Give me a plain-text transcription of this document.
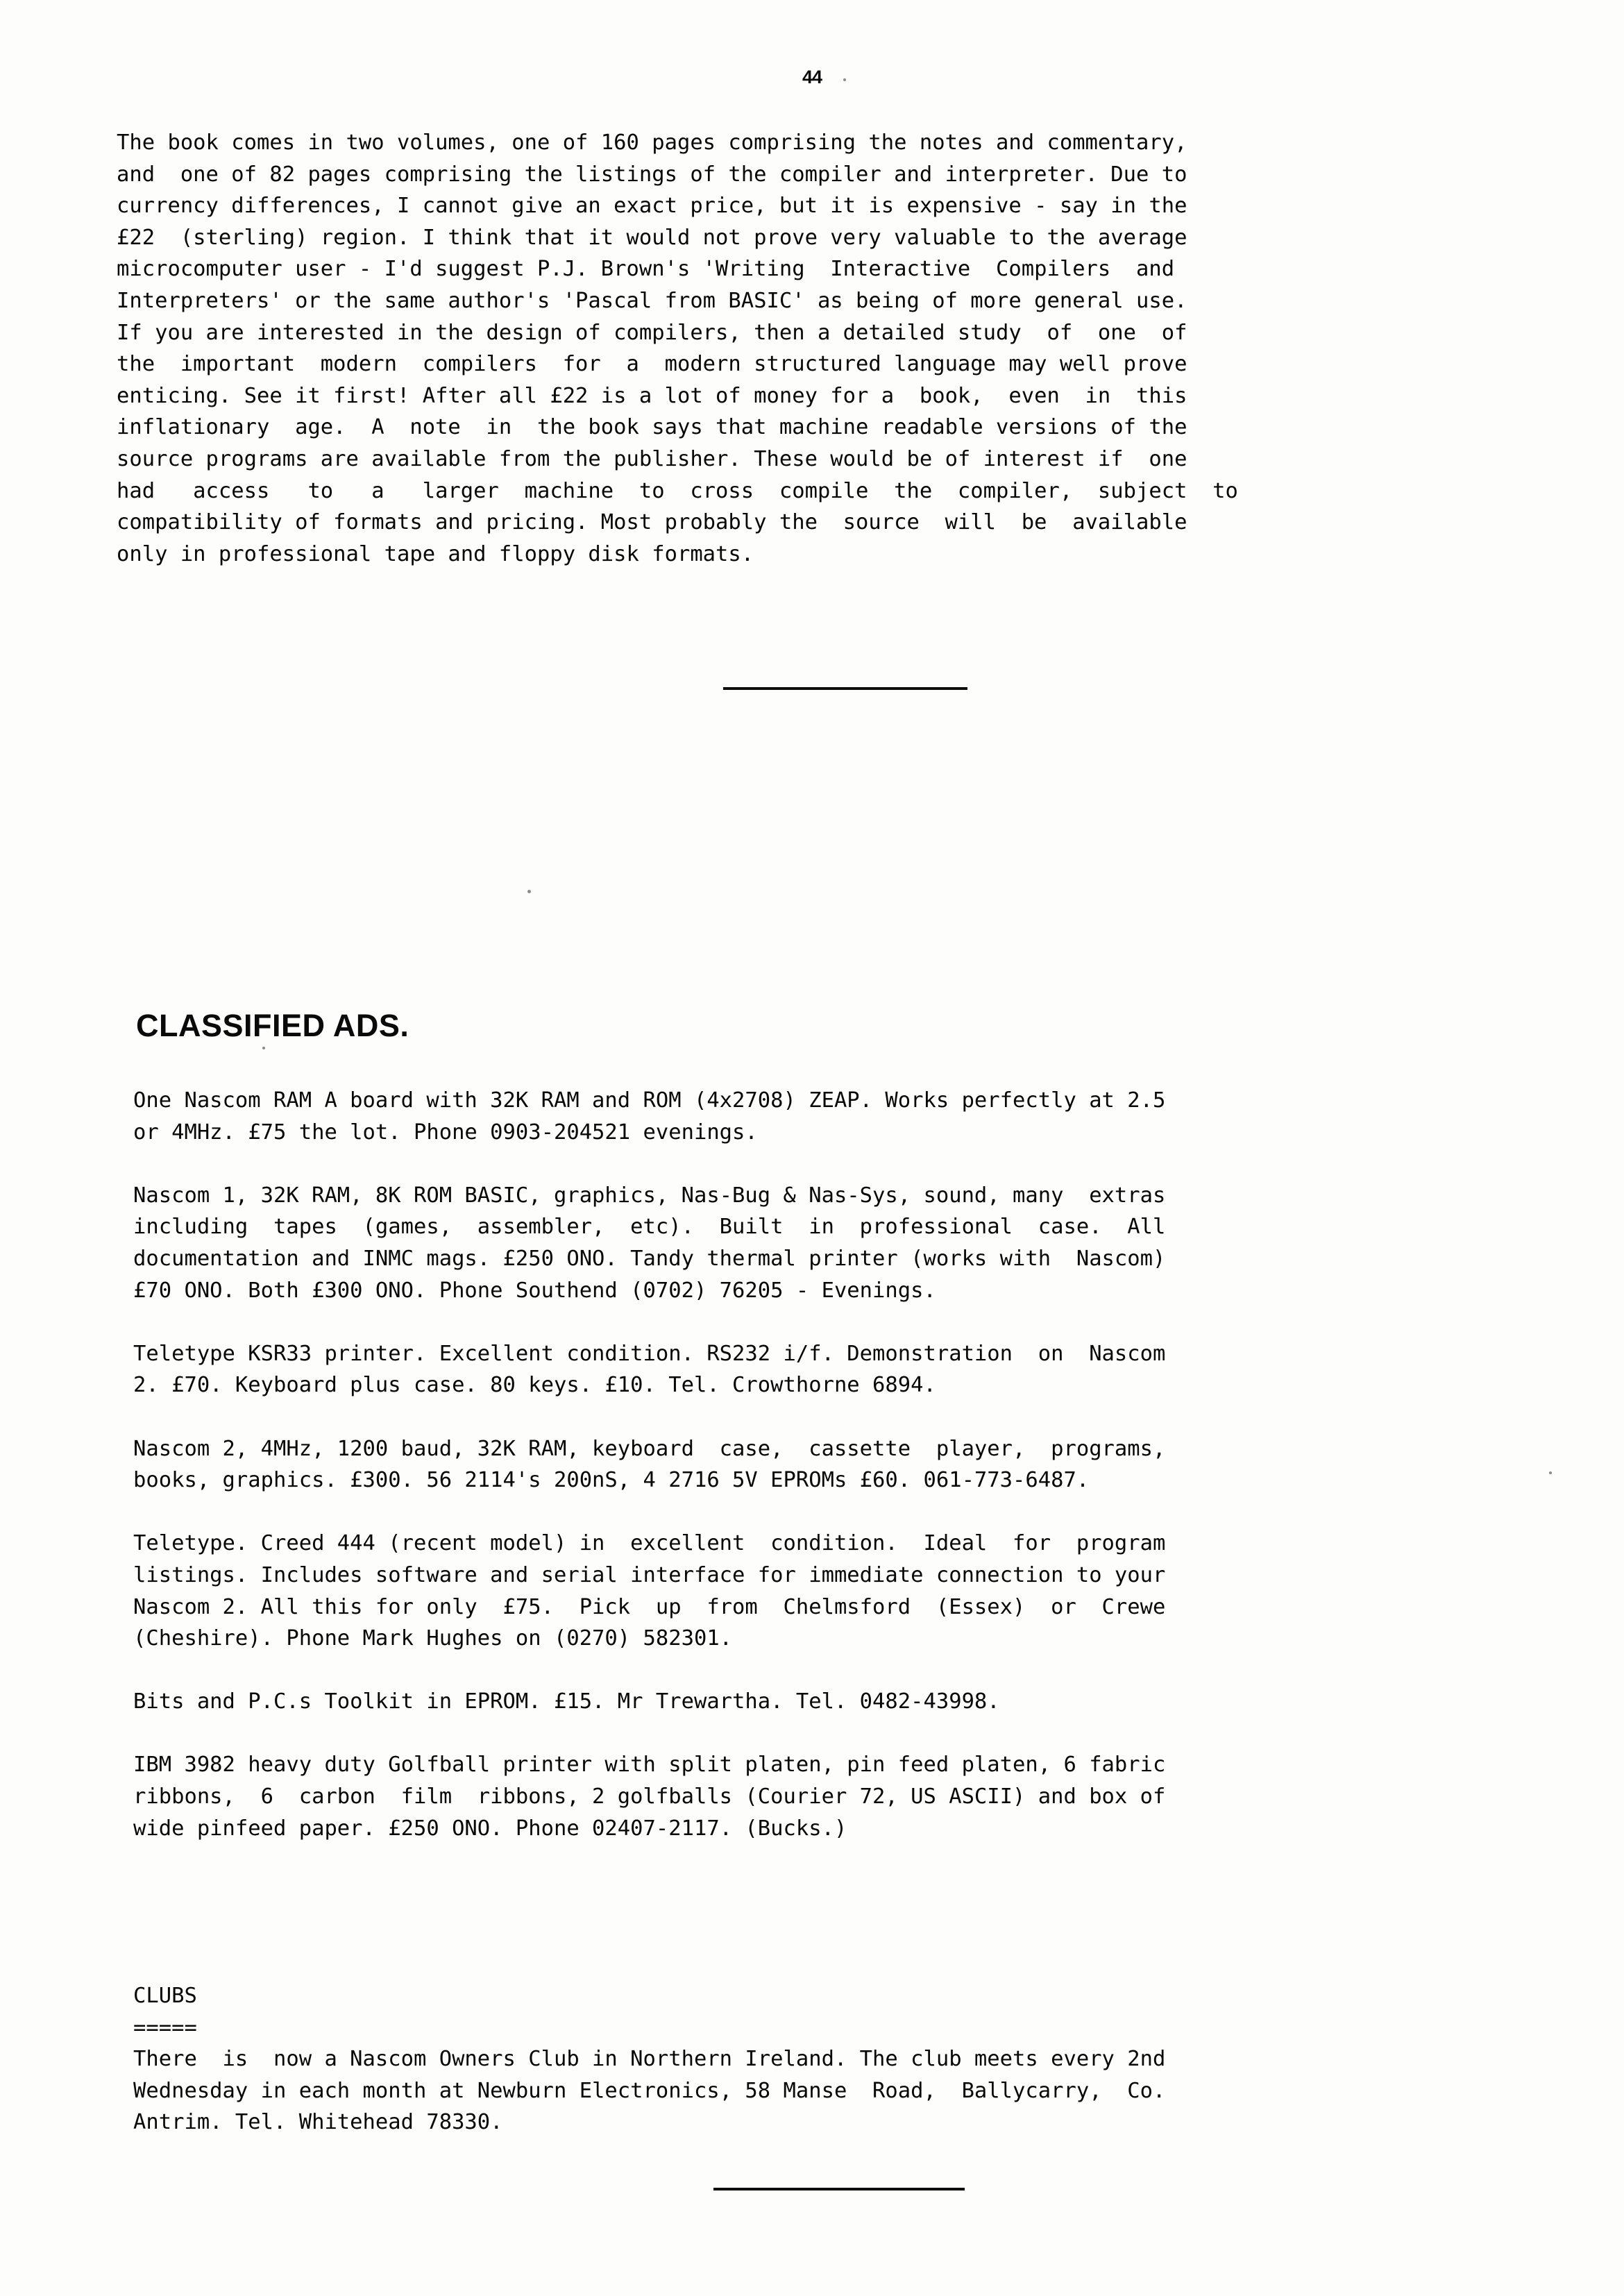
44
The book comes in two volumes, one of 160 pages comprising the notes and commentary,
and  one of 82 pages comprising the listings of the compiler and interpreter. Due to
currency differences, I cannot give an exact price, but it is expensive - say in the
£22  (sterling) region. I think that it would not prove very valuable to the average
microcomputer user - I'd suggest P.J. Brown's 'Writing  Interactive  Compilers  and
Interpreters' or the same author's 'Pascal from BASIC' as being of more general use.
If you are interested in the design of compilers, then a detailed study  of  one  of
the  important  modern  compilers  for  a  modern structured language may well prove
enticing. See it first! After all £22 is a lot of money for a  book,  even  in  this
inflationary  age.  A  note  in  the book says that machine readable versions of the
source programs are available from the publisher. These would be of interest if  one
had   access   to   a   larger  machine  to  cross  compile  the  compiler,  subject  to
compatibility of formats and pricing. Most probably the  source  will  be  available
only in professional tape and floppy disk formats.
CLASSIFIED ADS.
One Nascom RAM A board with 32K RAM and ROM (4x2708) ZEAP. Works perfectly at 2.5
or 4MHz. £75 the lot. Phone 0903-204521 evenings.
Nascom 1, 32K RAM, 8K ROM BASIC, graphics, Nas-Bug & Nas-Sys, sound, many  extras
including  tapes  (games,  assembler,  etc).  Built  in  professional  case.  All
documentation and INMC mags. £250 ONO. Tandy thermal printer (works with  Nascom)
£70 ONO. Both £300 ONO. Phone Southend (0702) 76205 - Evenings.
Teletype KSR33 printer. Excellent condition. RS232 i/f. Demonstration  on  Nascom
2. £70. Keyboard plus case. 80 keys. £10. Tel. Crowthorne 6894.
Nascom 2, 4MHz, 1200 baud, 32K RAM, keyboard  case,  cassette  player,  programs,
books, graphics. £300. 56 2114's 200nS, 4 2716 5V EPROMs £60. 061-773-6487.
Teletype. Creed 444 (recent model) in  excellent  condition.  Ideal  for  program
listings. Includes software and serial interface for immediate connection to your
Nascom 2. All this for only  £75.  Pick  up  from  Chelmsford  (Essex)  or  Crewe
(Cheshire). Phone Mark Hughes on (0270) 582301.
Bits and P.C.s Toolkit in EPROM. £15. Mr Trewartha. Tel. 0482-43998.
IBM 3982 heavy duty Golfball printer with split platen, pin feed platen, 6 fabric
ribbons,  6  carbon  film  ribbons, 2 golfballs (Courier 72, US ASCII) and box of
wide pinfeed paper. £250 ONO. Phone 02407-2117. (Bucks.)
CLUBS
=====
There  is  now a Nascom Owners Club in Northern Ireland. The club meets every 2nd
Wednesday in each month at Newburn Electronics, 58 Manse  Road,  Ballycarry,  Co.
Antrim. Tel. Whitehead 78330.
